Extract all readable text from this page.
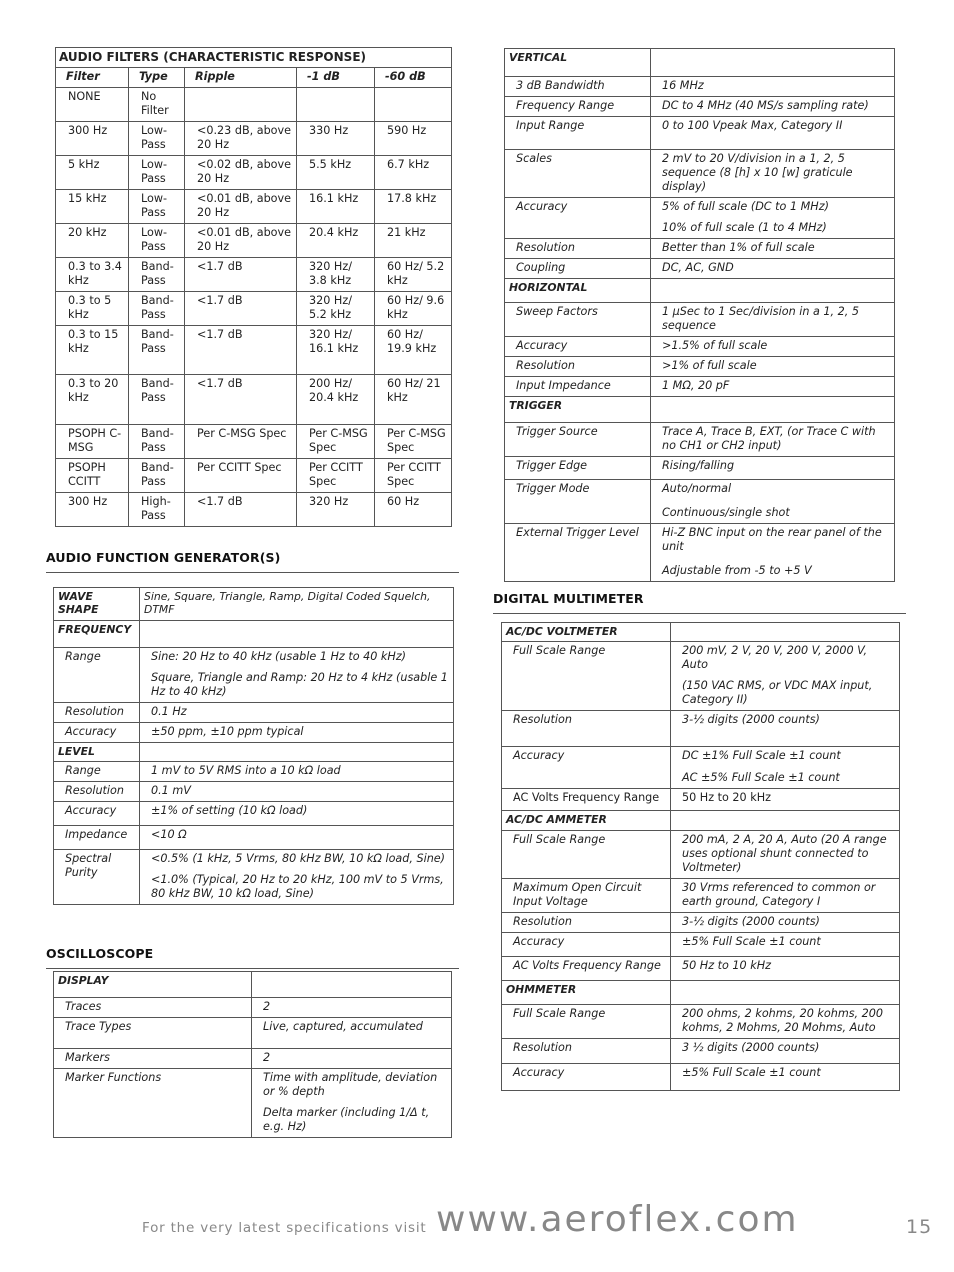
AUDIO FILTERS (CHARACTERISTIC RESPONSE)				
Filter	Type	Ripple	-1 dB	-60 dB
NONE	No Filter			
300 Hz	Low-Pass	<0.23 dB, above 20 Hz	330 Hz	590 Hz
5 kHz	Low-Pass	<0.02 dB, above 20 Hz	5.5 kHz	6.7 kHz
15 kHz	Low-Pass	<0.01 dB, above 20 Hz	16.1 kHz	17.8 kHz
20 kHz	Low-Pass	<0.01 dB, above 20 Hz	20.4 kHz	21 kHz
0.3 to 3.4 kHz	Band-Pass	<1.7 dB	320 Hz/ 3.8 kHz	60 Hz/ 5.2 kHz
0.3 to 5 kHz	Band-Pass	<1.7 dB	320 Hz/ 5.2 kHz	60 Hz/ 9.6 kHz
0.3 to 15 kHz	Band-Pass	<1.7 dB	320 Hz/ 16.1 kHz	60 Hz/ 19.9 kHz
0.3 to 20 kHz	Band-Pass	<1.7 dB	200 Hz/ 20.4 kHz	60 Hz/ 21 kHz
PSOPH C-MSG	Band-Pass	Per C-MSG Spec	Per C-MSG Spec	Per C-MSG Spec
PSOPH CCITT	Band-Pass	Per CCITT Spec	Per CCITT Spec	Per CCITT Spec
300 Hz	High-Pass	<1.7 dB	320 Hz	60 Hz
AUDIO FUNCTION GENERATOR(S)
WAVE SHAPE	Sine, Square, Triangle, Ramp, Digital Coded Squelch, DTMF
FREQUENCY	
Range	Sine: 20 Hz to 40 kHz (usable 1 Hz to 40 kHz)
Square, Triangle and Ramp: 20 Hz to 4 kHz (usable 1 Hz to 40 kHz)

Resolution	0.1 Hz
Accuracy	±50 ppm, ±10 ppm typical
LEVEL	
Range	1 mV to 5V RMS into a 10 kΩ load
Resolution	0.1 mV
Accuracy	±1% of setting (10 kΩ load)
Impedance	<10 Ω
Spectral Purity	<0.5% (1 kHz, 5 Vrms, 80 kHz BW, 10 kΩ load, Sine)
<1.0% (Typical, 20 Hz to 20 kHz, 100 mV to 5 Vrms, 80 kHz BW, 10 kΩ load, Sine)
OSCILLOSCOPE
DISPLAY	
Traces	2
Trace Types	Live, captured, accumulated
Markers	2
Marker Functions	Time with amplitude, deviation or % depth
Delta marker (including 1/Δ t, e.g. Hz)
VERTICAL	
3 dB Bandwidth	16 MHz
Frequency Range	DC to 4 MHz (40 MS/s sampling rate)
Input Range	0 to 100 Vpeak Max, Category II
Scales	2 mV to 20 V/division in a 1, 2, 5 sequence (8 [h] x 10 [w] graticule display)
Accuracy	5% of full scale (DC to 1 MHz)
10% of full scale (1 to 4 MHz)

Resolution	Better than 1% of full scale
Coupling	DC, AC, GND
HORIZONTAL	
Sweep Factors	1 μSec to 1 Sec/division in a 1, 2, 5 sequence
Accuracy	>1.5% of full scale
Resolution	>1% of full scale
Input Impedance	1 MΩ, 20 pF
TRIGGER	
Trigger Source	Trace A, Trace B, EXT, (or Trace C with no CH1 or CH2 input)
Trigger Edge	Rising/falling
Trigger Mode	Auto/normal
Continuous/single shot

External Trigger Level	Hi-Z BNC input on the rear panel of the unit
Adjustable from -5 to +5 V
DIGITAL MULTIMETER
AC/DC VOLTMETER	
Full Scale Range	200 mV, 2 V, 20 V, 200 V, 2000 V, Auto
(150 VAC RMS, or VDC MAX input, Category II)

Resolution	3-½ digits (2000 counts)
Accuracy	DC ±1% Full Scale ±1 count
AC ±5% Full Scale ±1 count

AC Volts Frequency Range	50 Hz to 20 kHz
AC/DC AMMETER	
Full Scale Range	200 mA, 2 A, 20 A, Auto (20 A range uses optional shunt connected to Voltmeter)
Maximum Open Circuit Input Voltage	30 Vrms referenced to common or earth ground, Category I
Resolution	3-½ digits (2000 counts)
Accuracy	±5% Full Scale ±1 count
AC Volts Frequency Range	50 Hz to 10 kHz
OHMMETER	
Full Scale Range	200 ohms, 2 kohms, 20 kohms, 200 kohms, 2 Mohms, 20 Mohms, Auto
Resolution	3 ½ digits (2000 counts)
Accuracy	±5% Full Scale ±1 count
For the very latest specifications visit www.aeroflex.com	15
